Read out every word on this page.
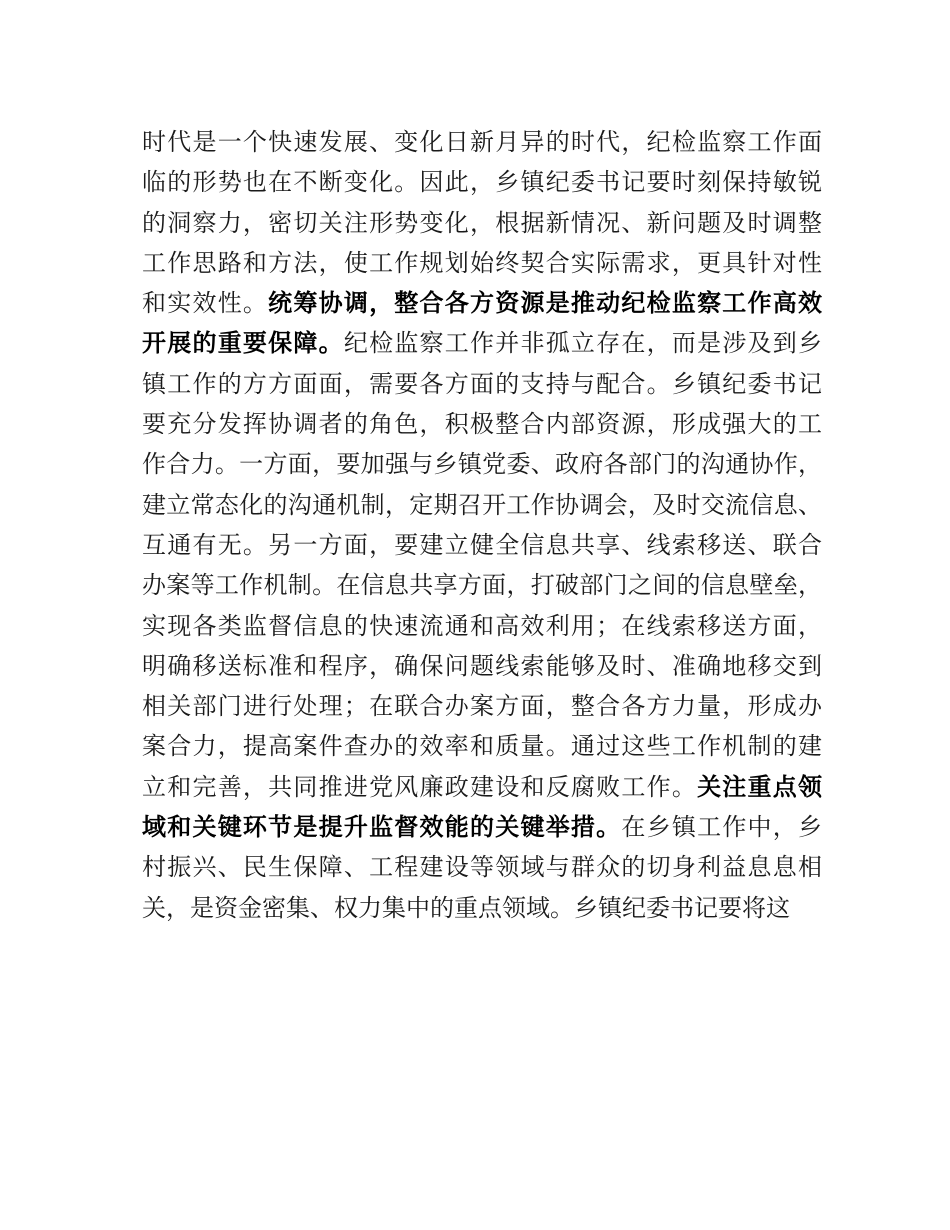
时代是一个快速发展、变化日新月异的时代，纪检监察工作面
临的形势也在不断变化。因此，乡镇纪委书记要时刻保持敏锐
的洞察力，密切关注形势变化，根据新情况、新问题及时调整
工作思路和方法，使工作规划始终契合实际需求，更具针对性
和实效性。统筹协调，整合各方资源是推动纪检监察工作高效
开展的重要保障。纪检监察工作并非孤立存在，而是涉及到乡
镇工作的方方面面，需要各方面的支持与配合。乡镇纪委书记
要充分发挥协调者的角色，积极整合内部资源，形成强大的工
作合力。一方面，要加强与乡镇党委、政府各部门的沟通协作，
建立常态化的沟通机制，定期召开工作协调会，及时交流信息、
互通有无。另一方面，要建立健全信息共享、线索移送、联合
办案等工作机制。在信息共享方面，打破部门之间的信息壁垒，
实现各类监督信息的快速流通和高效利用；在线索移送方面，
明确移送标准和程序，确保问题线索能够及时、准确地移交到
相关部门进行处理；在联合办案方面，整合各方力量，形成办
案合力，提高案件查办的效率和质量。通过这些工作机制的建
立和完善，共同推进党风廉政建设和反腐败工作。关注重点领
域和关键环节是提升监督效能的关键举措。在乡镇工作中，乡
村振兴、民生保障、工程建设等领域与群众的切身利益息息相
关，是资金密集、权力集中的重点领域。乡镇纪委书记要将这
